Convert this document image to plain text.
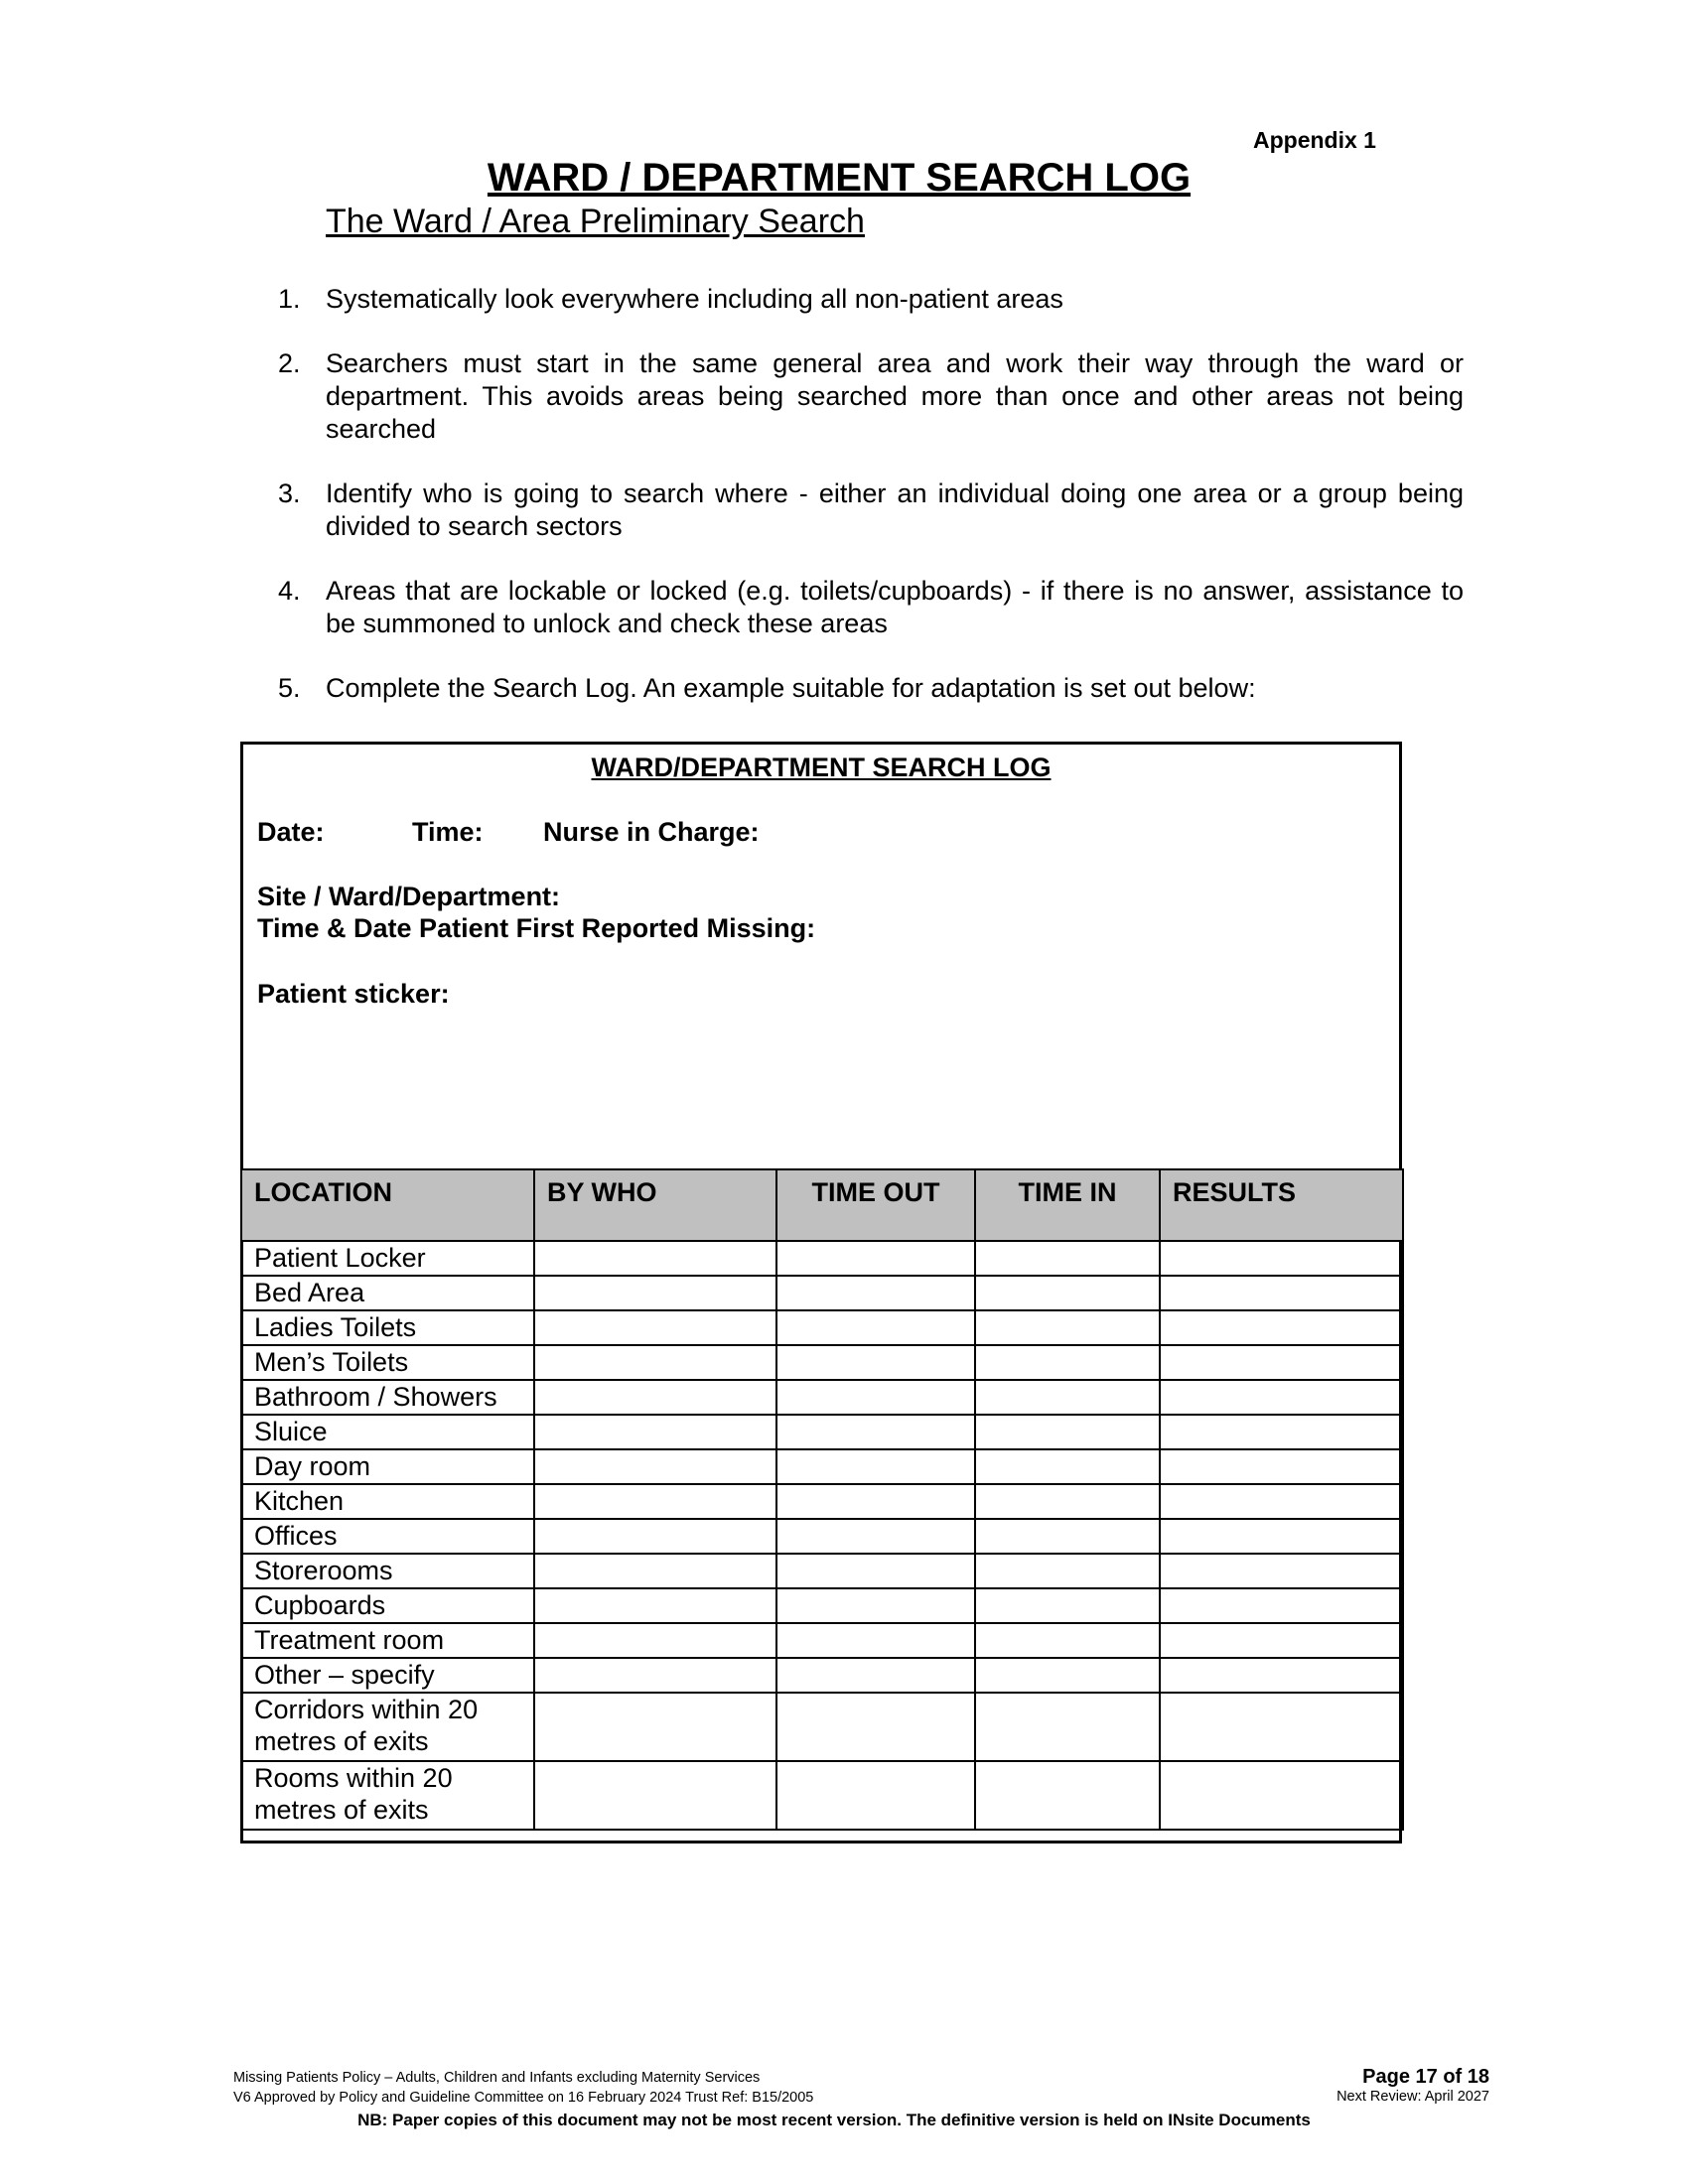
Appendix 1
WARD / DEPARTMENT SEARCH LOG
The Ward / Area Preliminary Search
1. Systematically look everywhere including all non-patient areas
2. Searchers must start in the same general area and work their way through the ward or department. This avoids areas being searched more than once and other areas not being searched
3. Identify who is going to search where - either an individual doing one area or a group being divided to search sectors
4. Areas that are lockable or locked (e.g. toilets/cupboards) - if there is no answer, assistance to be summoned to unlock and check these areas
5. Complete the Search Log. An example suitable for adaptation is set out below:
WARD/DEPARTMENT SEARCH LOG
Date:	Time: Nurse in Charge:
Site / Ward/Department:
Time & Date Patient First Reported Missing:
Patient sticker:
LOCATION	BY WHO	TIME OUT	TIME IN	RESULTS
Patient Locker				
Bed Area				
Ladies Toilets				
Men’s Toilets				
Bathroom / Showers				
Sluice				
Day room				
Kitchen				
Offices				
Storerooms				
Cupboards				
Treatment room				
Other – specify				
Corridors within 20 metres of exits				
Rooms within 20 metres of exits				
Missing Patients Policy – Adults, Children and Infants excluding Maternity Services
V6 Approved by Policy and Guideline Committee on 16 February 2024 Trust Ref: B15/2005
Page 17 of 18
Next Review: April 2027
NB: Paper copies of this document may not be most recent version. The definitive version is held on INsite Documents
